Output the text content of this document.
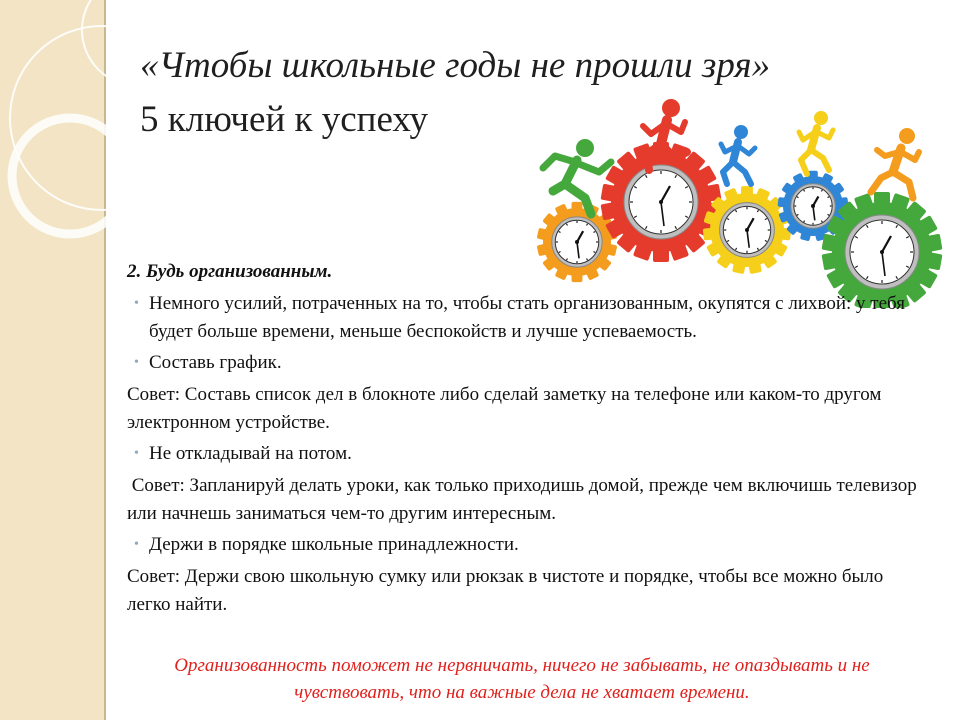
«Чтобы школьные годы не прошли зря»
5 ключей к успеху

2. Будь организованным.

• Немного усилий, потраченных на то, чтобы стать организованным, окупятся с лихвой: у тебя будет больше времени, меньше беспокойств и лучше успеваемость.
• Составь график.

Совет: Составь список дел в блокноте либо сделай заметку на телефоне или каком-то другом электронном устройстве.

• Не откладывай на потом.

Совет: Запланируй делать уроки, как только приходишь домой, прежде чем включишь телевизор или начнешь заниматься чем-то другим интересным.

• Держи в порядке школьные принадлежности.

Совет: Держи свою школьную сумку или рюкзак в чистоте и порядке, чтобы все можно было легко найти.

Организованность поможет не нервничать, ничего не забывать, не опаздывать и не чувствовать, что на важные дела не хватает времени.
